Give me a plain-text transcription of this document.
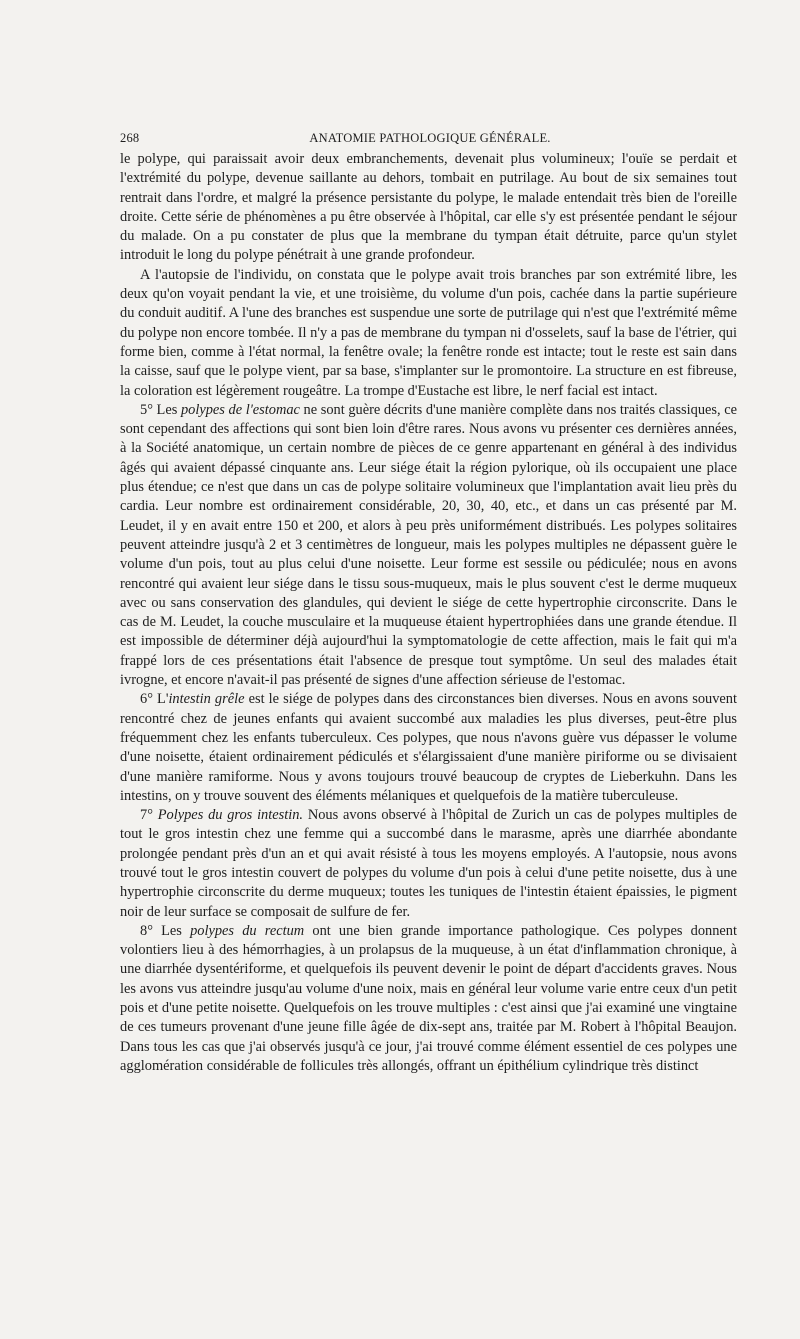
268	ANATOMIE PATHOLOGIQUE GÉNÉRALE.

le polype, qui paraissait avoir deux embranchements, devenait plus volumineux; l'ouïe se perdait et l'extrémité du polype, devenue saillante au dehors, tombait en putrilage. Au bout de six semaines tout rentrait dans l'ordre, et malgré la présence persistante du polype, le malade entendait très bien de l'oreille droite. Cette série de phénomènes a pu être observée à l'hôpital, car elle s'y est présentée pendant le séjour du malade. On a pu constater de plus que la membrane du tympan était détruite, parce qu'un stylet introduit le long du polype pénétrait à une grande profondeur.

A l'autopsie de l'individu, on constata que le polype avait trois branches par son extrémité libre, les deux qu'on voyait pendant la vie, et une troisième, du volume d'un pois, cachée dans la partie supérieure du conduit auditif. A l'une des branches est suspendue une sorte de putrilage qui n'est que l'extrémité même du polype non encore tombée. Il n'y a pas de membrane du tympan ni d'osselets, sauf la base de l'étrier, qui forme bien, comme à l'état normal, la fenêtre ovale; la fenêtre ronde est intacte; tout le reste est sain dans la caisse, sauf que le polype vient, par sa base, s'implanter sur le promontoire. La structure en est fibreuse, la coloration est légèrement rougeâtre. La trompe d'Eustache est libre, le nerf facial est intact.

5° Les polypes de l'estomac ne sont guère décrits d'une manière complète dans nos traités classiques, ce sont cependant des affections qui sont bien loin d'être rares. Nous avons vu présenter ces dernières années, à la Société anatomique, un certain nombre de pièces de ce genre appartenant en général à des individus âgés qui avaient dépassé cinquante ans. Leur siége était la région pylorique, où ils occupaient une place plus étendue; ce n'est que dans un cas de polype solitaire volumineux que l'implantation avait lieu près du cardia. Leur nombre est ordinairement considérable, 20, 30, 40, etc., et dans un cas présenté par M. Leudet, il y en avait entre 150 et 200, et alors à peu près uniformément distribués. Les polypes solitaires peuvent atteindre jusqu'à 2 et 3 centimètres de longueur, mais les polypes multiples ne dépassent guère le volume d'un pois, tout au plus celui d'une noisette. Leur forme est sessile ou pédiculée; nous en avons rencontré qui avaient leur siége dans le tissu sous-muqueux, mais le plus souvent c'est le derme muqueux avec ou sans conservation des glandules, qui devient le siége de cette hypertrophie circonscrite. Dans le cas de M. Leudet, la couche musculaire et la muqueuse étaient hypertrophiées dans une grande étendue. Il est impossible de déterminer déjà aujourd'hui la symptomatologie de cette affection, mais le fait qui m'a frappé lors de ces présentations était l'absence de presque tout symptôme. Un seul des malades était ivrogne, et encore n'avait-il pas présenté de signes d'une affection sérieuse de l'estomac.

6° L'intestin grêle est le siége de polypes dans des circonstances bien diverses. Nous en avons souvent rencontré chez de jeunes enfants qui avaient succombé aux maladies les plus diverses, peut-être plus fréquemment chez les enfants tuberculeux. Ces polypes, que nous n'avons guère vus dépasser le volume d'une noisette, étaient ordinairement pédiculés et s'élargissaient d'une manière piriforme ou se divisaient d'une manière ramiforme. Nous y avons toujours trouvé beaucoup de cryptes de Lieberkuhn. Dans les intestins, on y trouve souvent des éléments mélaniques et quelquefois de la matière tuberculeuse.

7° Polypes du gros intestin. Nous avons observé à l'hôpital de Zurich un cas de polypes multiples de tout le gros intestin chez une femme qui a succombé dans le marasme, après une diarrhée abondante prolongée pendant près d'un an et qui avait résisté à tous les moyens employés. A l'autopsie, nous avons trouvé tout le gros intestin couvert de polypes du volume d'un pois à celui d'une petite noisette, dus à une hypertrophie circonscrite du derme muqueux; toutes les tuniques de l'intestin étaient épaissies, le pigment noir de leur surface se composait de sulfure de fer.

8° Les polypes du rectum ont une bien grande importance pathologique. Ces polypes donnent volontiers lieu à des hémorrhagies, à un prolapsus de la muqueuse, à un état d'inflammation chronique, à une diarrhée dysentériforme, et quelquefois ils peuvent devenir le point de départ d'accidents graves. Nous les avons vus atteindre jusqu'au volume d'une noix, mais en général leur volume varie entre ceux d'un petit pois et d'une petite noisette. Quelquefois on les trouve multiples : c'est ainsi que j'ai examiné une vingtaine de ces tumeurs provenant d'une jeune fille âgée de dix-sept ans, traitée par M. Robert à l'hôpital Beaujon. Dans tous les cas que j'ai observés jusqu'à ce jour, j'ai trouvé comme élément essentiel de ces polypes une agglomération considérable de follicules très allongés, offrant un épithélium cylindrique très distinct
